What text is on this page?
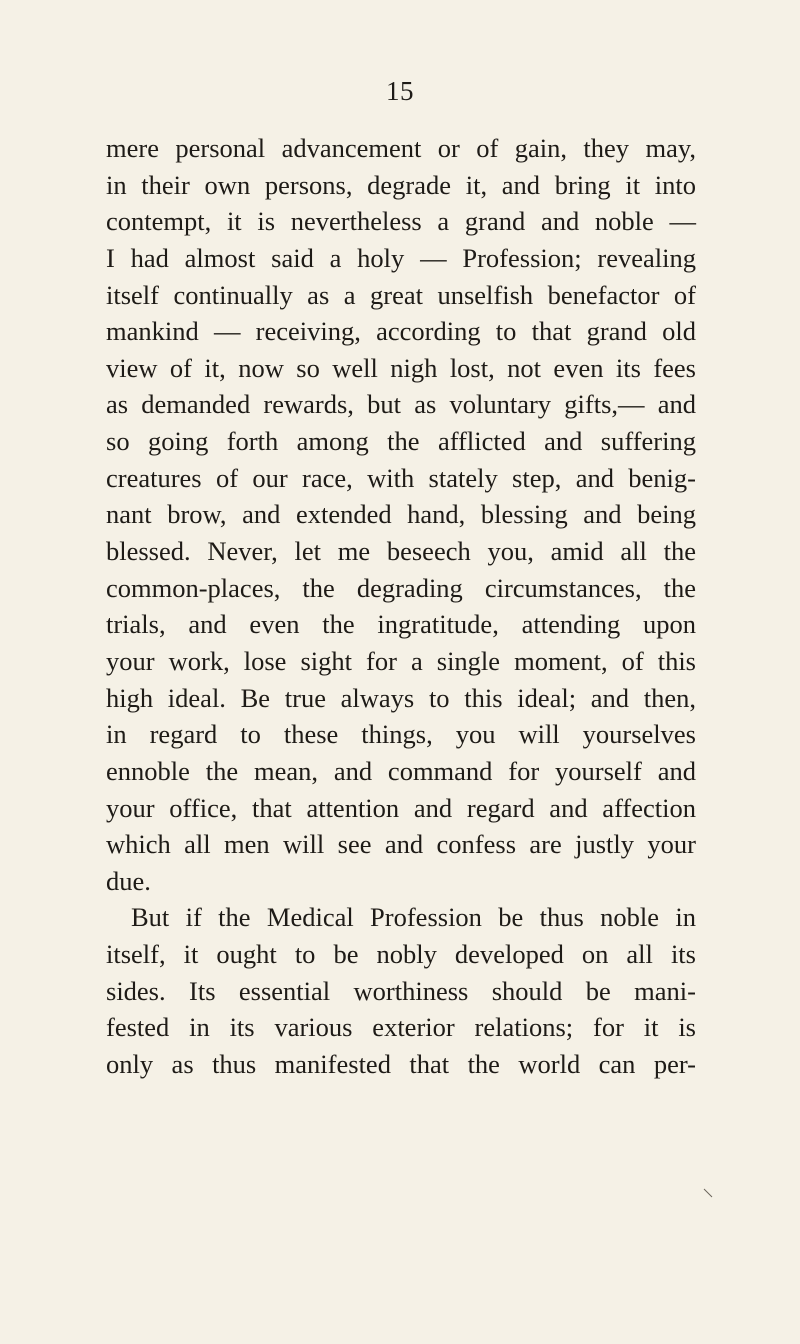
15
mere personal advancement or of gain, they may,
in their own persons, degrade it, and bring it into
contempt, it is nevertheless a grand and noble —
I had almost said a holy — Profession; revealing
itself continually as a great unselfish benefactor of
mankind — receiving, according to that grand old
view of it, now so well nigh lost, not even its fees
as demanded rewards, but as voluntary gifts,— and
so going forth among the afflicted and suffering
creatures of our race, with stately step, and benig-
nant brow, and extended hand, blessing and being
blessed. Never, let me beseech you, amid all the
common-places, the degrading circumstances, the
trials, and even the ingratitude, attending upon
your work, lose sight for a single moment, of this
high ideal. Be true always to this ideal; and then,
in regard to these things, you will yourselves
ennoble the mean, and command for yourself and
your office, that attention and regard and affection
which all men will see and confess are justly your
due.
But if the Medical Profession be thus noble in
itself, it ought to be nobly developed on all its
sides. Its essential worthiness should be mani-
fested in its various exterior relations; for it is
only as thus manifested that the world can per-
